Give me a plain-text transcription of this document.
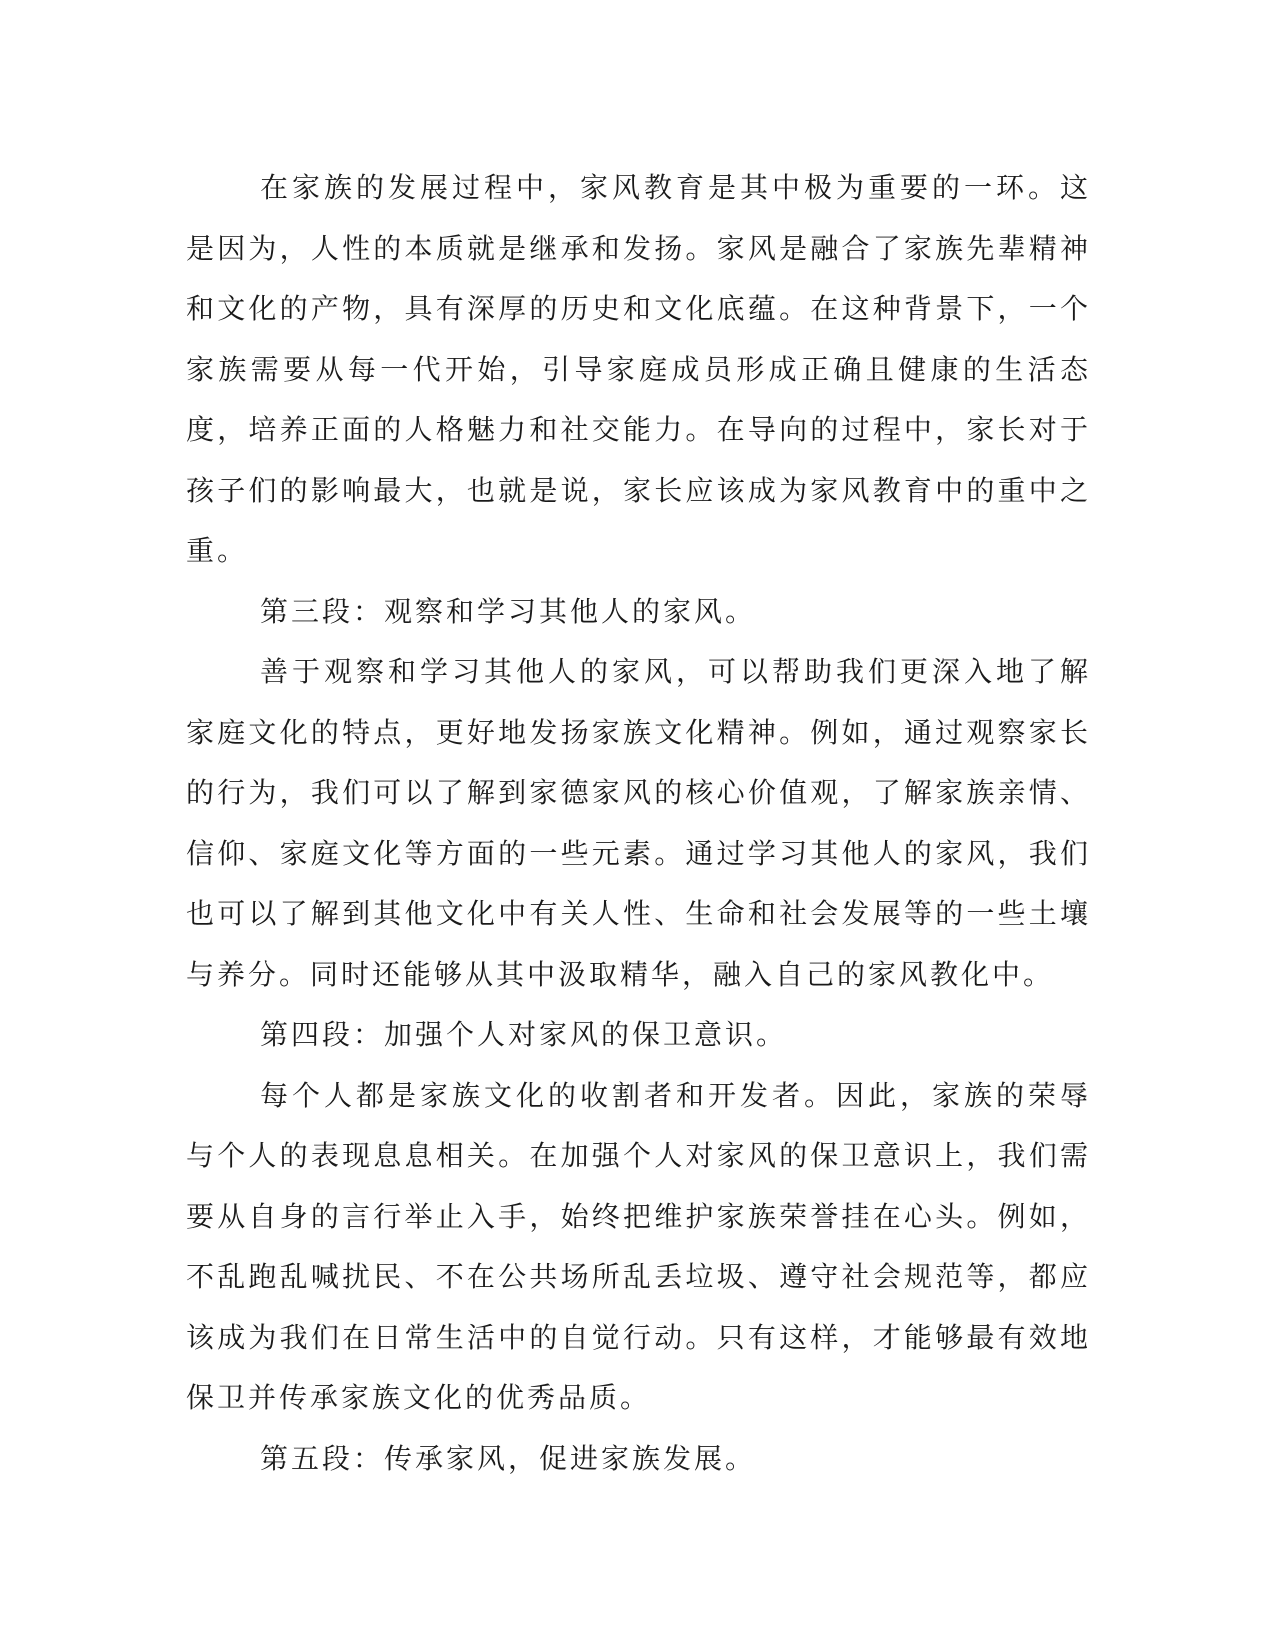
在家族的发展过程中，家风教育是其中极为重要的一环。这是因为，人性的本质就是继承和发扬。家风是融合了家族先辈精神和文化的产物，具有深厚的历史和文化底蕴。在这种背景下，一个家族需要从每一代开始，引导家庭成员形成正确且健康的生活态度，培养正面的人格魅力和社交能力。在导向的过程中，家长对于孩子们的影响最大，也就是说，家长应该成为家风教育中的重中之重。

第三段：观察和学习其他人的家风。

善于观察和学习其他人的家风，可以帮助我们更深入地了解家庭文化的特点，更好地发扬家族文化精神。例如，通过观察家长的行为，我们可以了解到家德家风的核心价值观，了解家族亲情、信仰、家庭文化等方面的一些元素。通过学习其他人的家风，我们也可以了解到其他文化中有关人性、生命和社会发展等的一些土壤与养分。同时还能够从其中汲取精华，融入自己的家风教化中。

第四段：加强个人对家风的保卫意识。

每个人都是家族文化的收割者和开发者。因此，家族的荣辱与个人的表现息息相关。在加强个人对家风的保卫意识上，我们需要从自身的言行举止入手，始终把维护家族荣誉挂在心头。例如，不乱跑乱喊扰民、不在公共场所乱丢垃圾、遵守社会规范等，都应该成为我们在日常生活中的自觉行动。只有这样，才能够最有效地保卫并传承家族文化的优秀品质。

第五段：传承家风，促进家族发展。
